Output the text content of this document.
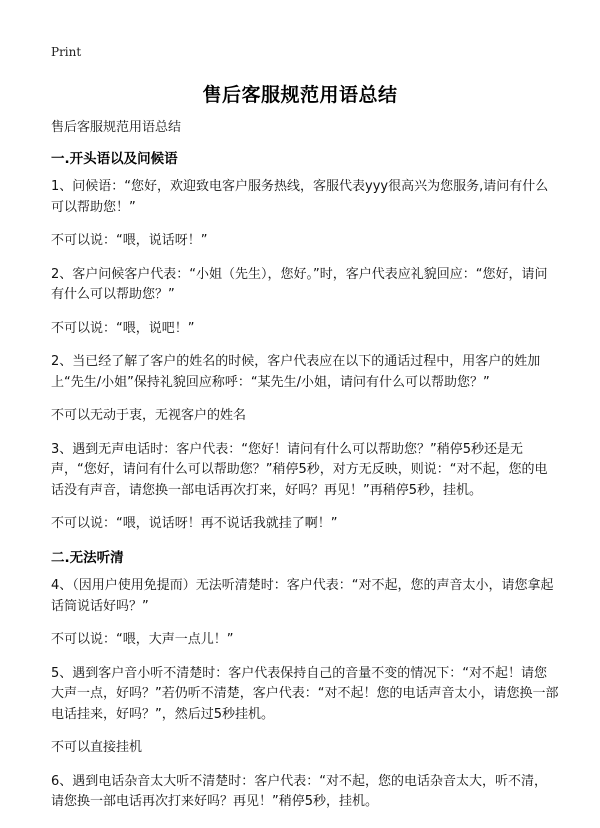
Print
售后客服规范用语总结

售后客服规范用语总结

一.开头语以及问候语

1、问候语：“您好，欢迎致电客户服务热线，客服代表yyy很高兴为您服务,请问有什么可以帮助您！”

不可以说：“喂，说话呀！”

2、客户问候客户代表：“小姐（先生），您好。”时，客户代表应礼貌回应：“您好，请问有什么可以帮助您？”

不可以说：“喂，说吧！”

2、当已经了解了客户的姓名的时候，客户代表应在以下的通话过程中，用客户的姓加上“先生/小姐”保持礼貌回应称呼：“某先生/小姐，请问有什么可以帮助您？”

不可以无动于衷，无视客户的姓名

3、遇到无声电话时：客户代表：“您好！请问有什么可以帮助您？”稍停5秒还是无声，“您好，请问有什么可以帮助您？”稍停5秒，对方无反映，则说：“对不起，您的电话没有声音，请您换一部电话再次打来，好吗？再见！”再稍停5秒，挂机。

不可以说：“喂，说话呀！再不说话我就挂了啊！”

二.无法听清

4、（因用户使用免提而）无法听清楚时：客户代表：“对不起，您的声音太小，请您拿起话筒说话好吗？”

不可以说：“喂，大声一点儿！”

5、遇到客户音小听不清楚时：客户代表保持自己的音量不变的情况下：“对不起！请您大声一点，好吗？”若仍听不清楚，客户代表：“对不起！您的电话声音太小，请您换一部电话挂来，好吗？”，然后过5秒挂机。

不可以直接挂机

6、遇到电话杂音太大听不清楚时：客户代表：“对不起，您的电话杂音太大，听不清，请您换一部电话再次打来好吗？再见！”稍停5秒，挂机。
